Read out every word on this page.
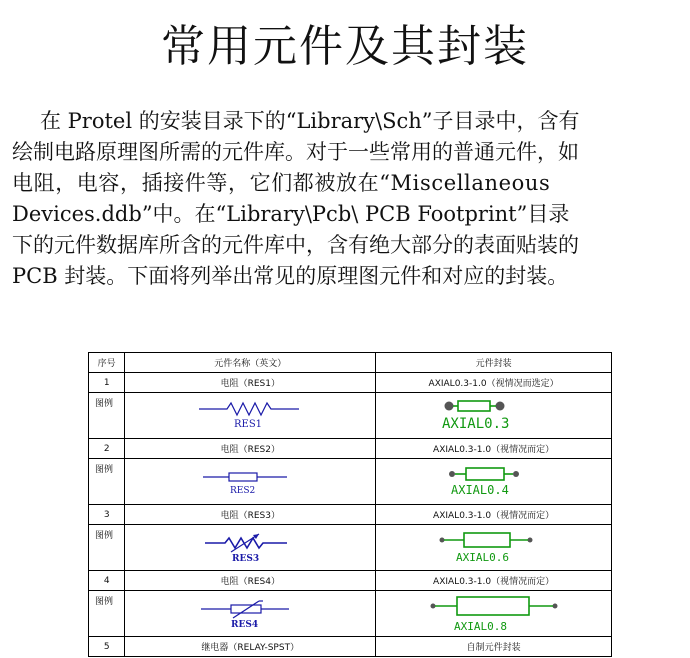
常用元件及其封装
在 Protel 的安装目录下的“Library\Sch”子目录中，含有
绘制电路原理图所需的元件库。对于一些常用的普通元件，如
电阻，电容，插接件等，它们都被放在“Miscellaneous
Devices.ddb”中。在“Library\Pcb\ PCB Footprint”目录
下的元件数据库所含的元件库中，含有绝大部分的表面贴装的
PCB 封装。下面将列举出常见的原理图元件和对应的封装。
序号	元件名称（英文）	元件封装
1	电阻（RES1）	AXIAL0.3-1.0（视情况而选定）
图例	RES1	AXIAL0.3

2	电阻（RES2）	AXIAL0.3-1.0（视情况而定）
图例	RES2	AXIAL0.4

3	电阻（RES3）	AXIAL0.3-1.0（视情况而定）
图例	RES3	AXIAL0.6

4	电阻（RES4）	AXIAL0.3-1.0（视情况而定）
图例	RES4	AXIAL0.8

5	继电器（RELAY-SPST）	自制元件封装
